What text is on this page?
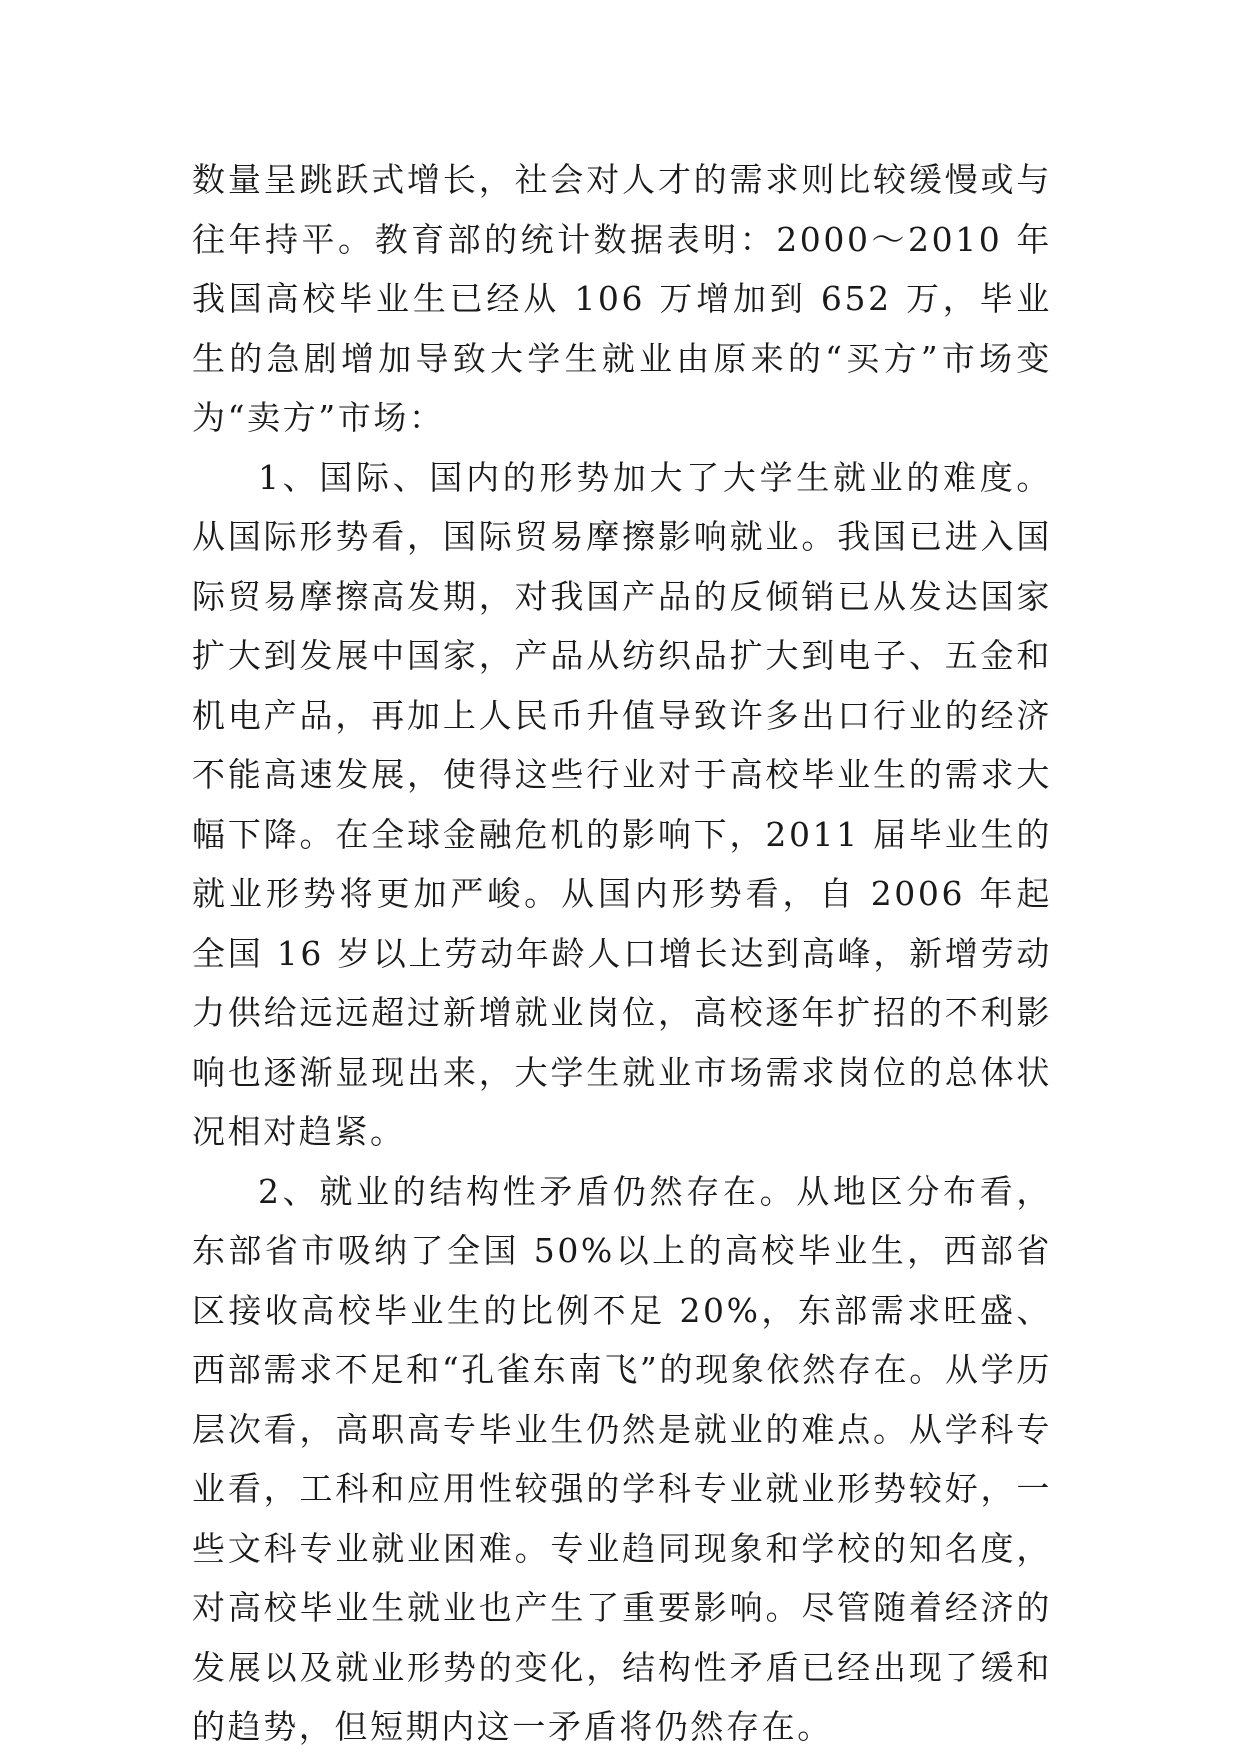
数量呈跳跃式增长，社会对人才的需求则比较缓慢或与往年持平。教育部的统计数据表明：2000～2010 年我国高校毕业生已经从 106 万增加到 652 万，毕业生的急剧增加导致大学生就业由原来的“买方”市场变为“卖方”市场：

1、国际、国内的形势加大了大学生就业的难度。从国际形势看，国际贸易摩擦影响就业。我国已进入国际贸易摩擦高发期，对我国产品的反倾销已从发达国家扩大到发展中国家，产品从纺织品扩大到电子、五金和机电产品，再加上人民币升值导致许多出口行业的经济不能高速发展，使得这些行业对于高校毕业生的需求大幅下降。在全球金融危机的影响下，2011 届毕业生的就业形势将更加严峻。从国内形势看，自 2006 年起全国 16 岁以上劳动年龄人口增长达到高峰，新增劳动力供给远远超过新增就业岗位，高校逐年扩招的不利影响也逐渐显现出来，大学生就业市场需求岗位的总体状况相对趋紧。

2、就业的结构性矛盾仍然存在。从地区分布看，东部省市吸纳了全国 50%以上的高校毕业生，西部省区接收高校毕业生的比例不足 20%，东部需求旺盛、西部需求不足和“孔雀东南飞”的现象依然存在。从学历层次看，高职高专毕业生仍然是就业的难点。从学科专业看，工科和应用性较强的学科专业就业形势较好，一些文科专业就业困难。专业趋同现象和学校的知名度，对高校毕业生就业也产生了重要影响。尽管随着经济的发展以及就业形势的变化，结构性矛盾已经出现了缓和的趋势，但短期内这一矛盾将仍然存在。
